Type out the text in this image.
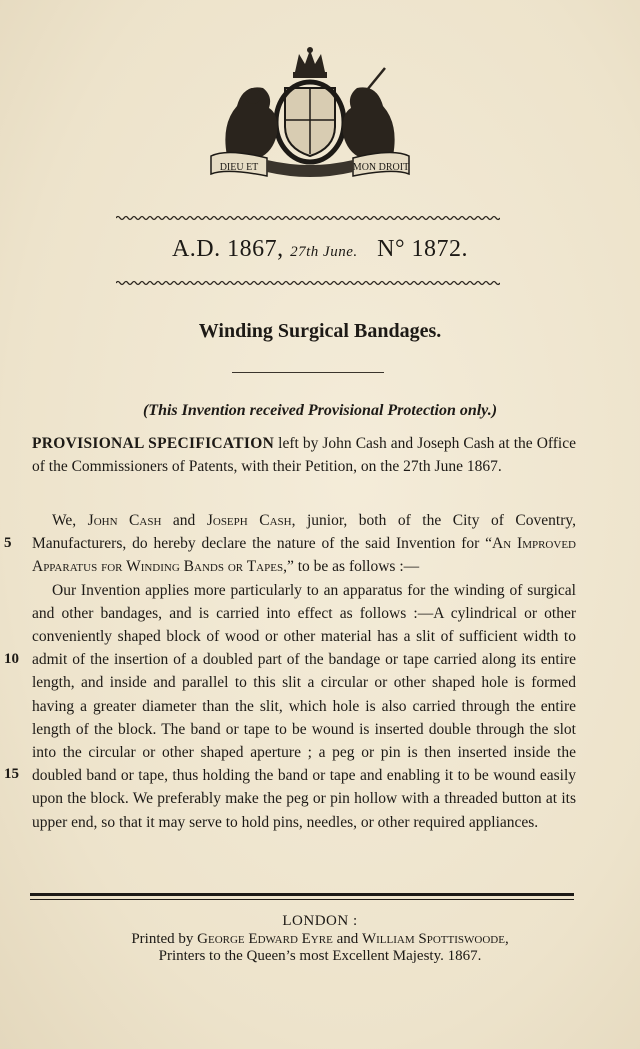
DIEU ET	MON DROIT
A.D. 1867, 27th June. N° 1872.
Winding Surgical Bandages.
(This Invention received Provisional Protection only.)

PROVISIONAL SPECIFICATION left by John Cash and Joseph Cash at the Office of the Commissioners of Patents, with their Petition, on the 27th June 1867.

We, John Cash and Joseph Cash, junior, both of the City of Coventry, Manufacturers, do hereby declare the nature of the said Invention for “An Improved Apparatus for Winding Bands or Tapes,” to be as follows :—

Our Invention applies more particularly to an apparatus for the winding of surgical and other bandages, and is carried into effect as follows :—A cylindrical or other conveniently shaped block of wood or other material has a slit of sufficient width to admit of the insertion of a doubled part of the bandage or tape carried along its entire length, and inside and parallel to this slit a circular or other shaped hole is formed having a greater diameter than the slit, which hole is also carried through the entire length of the block. The band or tape to be wound is inserted double through the slot into the circular or other shaped aperture ; a peg or pin is then inserted inside the doubled band or tape, thus holding the band or tape and enabling it to be wound easily upon the block. We preferably make the peg or pin hollow with a threaded button at its upper end, so that it may serve to hold pins, needles, or other required appliances.

5
10
15
LONDON :
Printed by George Edward Eyre and William Spottiswoode,
Printers to the Queen’s most Excellent Majesty. 1867.
